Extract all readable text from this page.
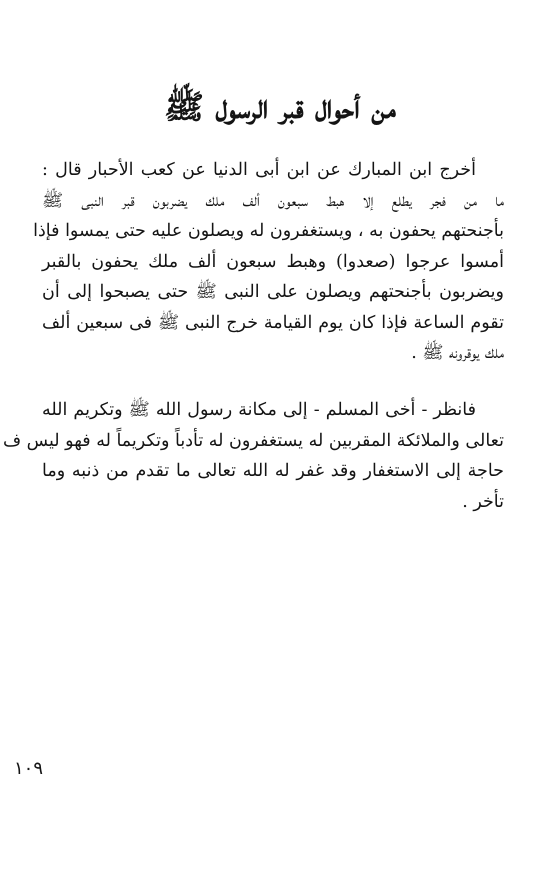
من أحوال قبر الرسول ﷺ
أخرج ابن المبارك عن ابن أبى الدنيا عن كعب الأحبار قال :
ما من فجر يطلع إلا هبط سبعون ألف ملك يضربون قبر النبى ﷺ
بأجنحتهم يحفون به ، ويستغفرون له ويصلون عليه حتى يمسوا فإذا
أمسوا عرجوا (صعدوا) وهبط سبعون ألف ملك يحفون بالقبر
ويضربون بأجنحتهم ويصلون على النبى ﷺ حتى يصبحوا إلى أن
تقوم الساعة فإذا كان يوم القيامة خرج النبى ﷺ فى سبعين ألف
ملك يوقرونه ﷺ .
فانظر - أخى المسلم - إلى مكانة رسول الله ﷺ وتكريم الله
تعالى والملائكة المقربين له يستغفرون له تأدباً وتكريماً له فهو ليس ف
حاجة إلى الاستغفار وقد غفر له الله تعالى ما تقدم من ذنبه وما
تأخر .
١٠٩
